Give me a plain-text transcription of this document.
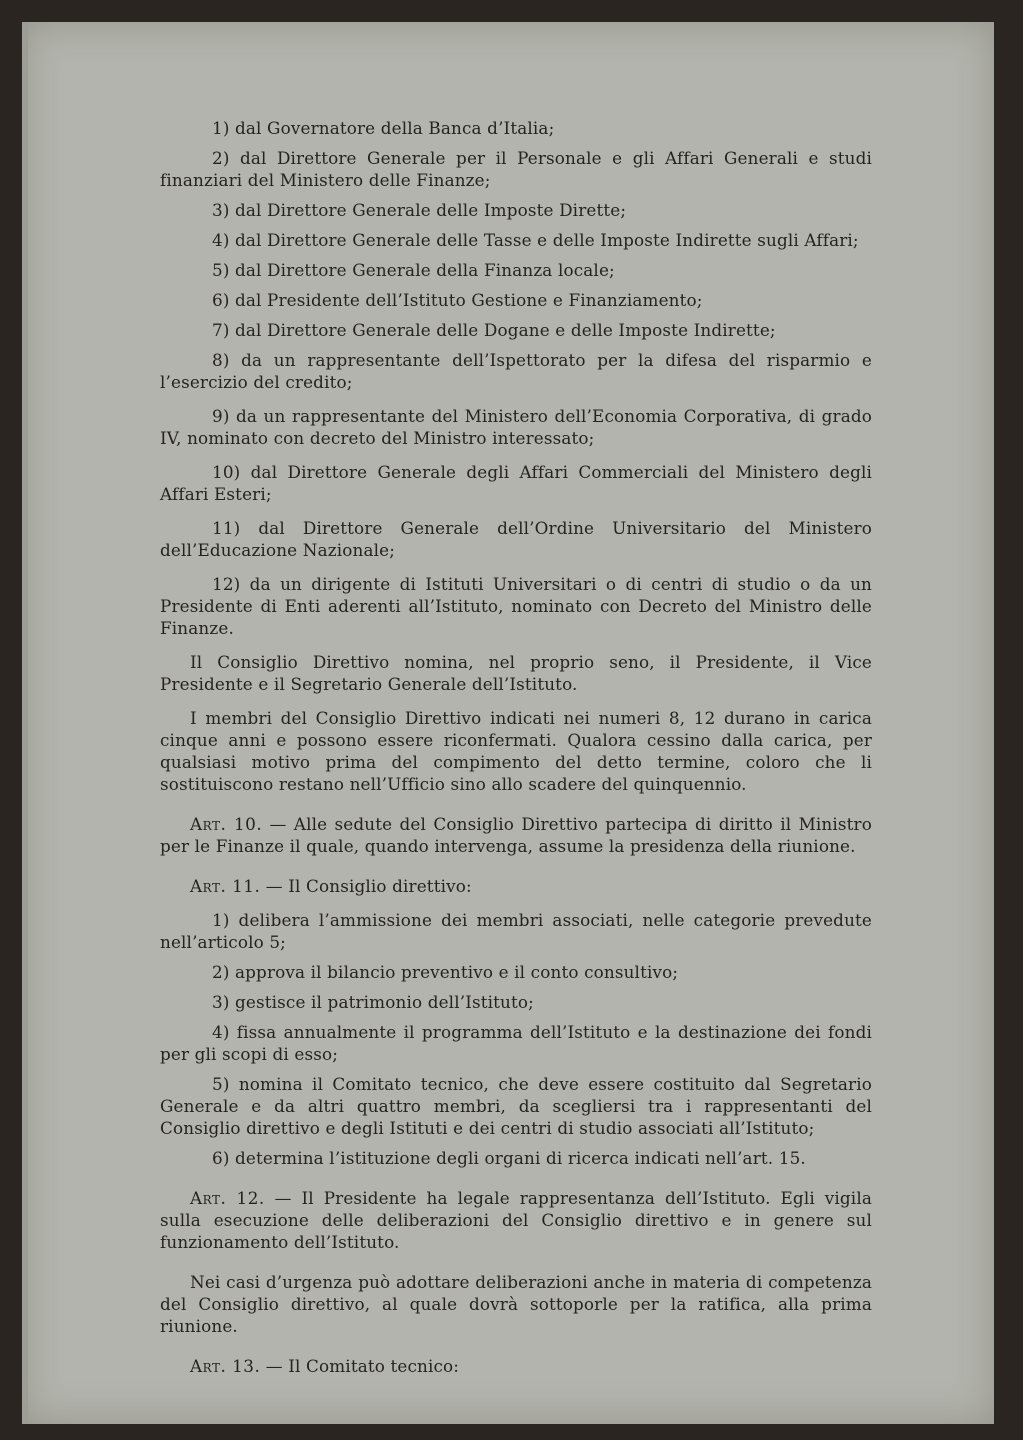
1) dal Governatore della Banca d’Italia;

2) dal Direttore Generale per il Personale e gli Affari Generali e studi finanziari del Ministero delle Finanze;

3) dal Direttore Generale delle Imposte Dirette;

4) dal Direttore Generale delle Tasse e delle Imposte Indirette sugli Affari;

5) dal Direttore Generale della Finanza locale;

6) dal Presidente dell’Istituto Gestione e Finanziamento;

7) dal Direttore Generale delle Dogane e delle Imposte Indirette;

8) da un rappresentante dell’Ispettorato per la difesa del risparmio e l’esercizio del credito;

9) da un rappresentante del Ministero dell’Economia Corporativa, di grado IV, nominato con decreto del Ministro interessato;

10) dal Direttore Generale degli Affari Commerciali del Ministero degli Affari Esteri;

11) dal Direttore Generale dell’Ordine Universitario del Ministero dell’Educazione Nazionale;

12) da un dirigente di Istituti Universitari o di centri di studio o da un Presidente di Enti aderenti all’Istituto, nominato con Decreto del Ministro delle Finanze.

Il Consiglio Direttivo nomina, nel proprio seno, il Presidente, il Vice Presidente e il Segretario Generale dell’Istituto.

I membri del Consiglio Direttivo indicati nei numeri 8, 12 durano in carica cinque anni e possono essere riconfermati. Qualora cessino dalla carica, per qualsiasi motivo prima del compimento del detto termine, coloro che li sostituiscono restano nell’Ufficio sino allo scadere del quinquennio.

Art. 10. — Alle sedute del Consiglio Direttivo partecipa di diritto il Ministro per le Finanze il quale, quando intervenga, assume la presidenza della riunione.

Art. 11. — Il Consiglio direttivo:

1) delibera l’ammissione dei membri associati, nelle categorie prevedute nell’articolo 5;

2) approva il bilancio preventivo e il conto consultivo;

3) gestisce il patrimonio dell’Istituto;

4) fissa annualmente il programma dell’Istituto e la destinazione dei fondi per gli scopi di esso;

5) nomina il Comitato tecnico, che deve essere costituito dal Segretario Generale e da altri quattro membri, da scegliersi tra i rappresentanti del Consiglio direttivo e degli Istituti e dei centri di studio associati all’Istituto;

6) determina l’istituzione degli organi di ricerca indicati nell’art. 15.

Art. 12. — Il Presidente ha legale rappresentanza dell’Istituto. Egli vigila sulla esecuzione delle deliberazioni del Consiglio direttivo e in genere sul funzionamento dell’Istituto.

Nei casi d’urgenza può adottare deliberazioni anche in materia di competenza del Consiglio direttivo, al quale dovrà sottoporle per la ratifica, alla prima riunione.

Art. 13. — Il Comitato tecnico:
